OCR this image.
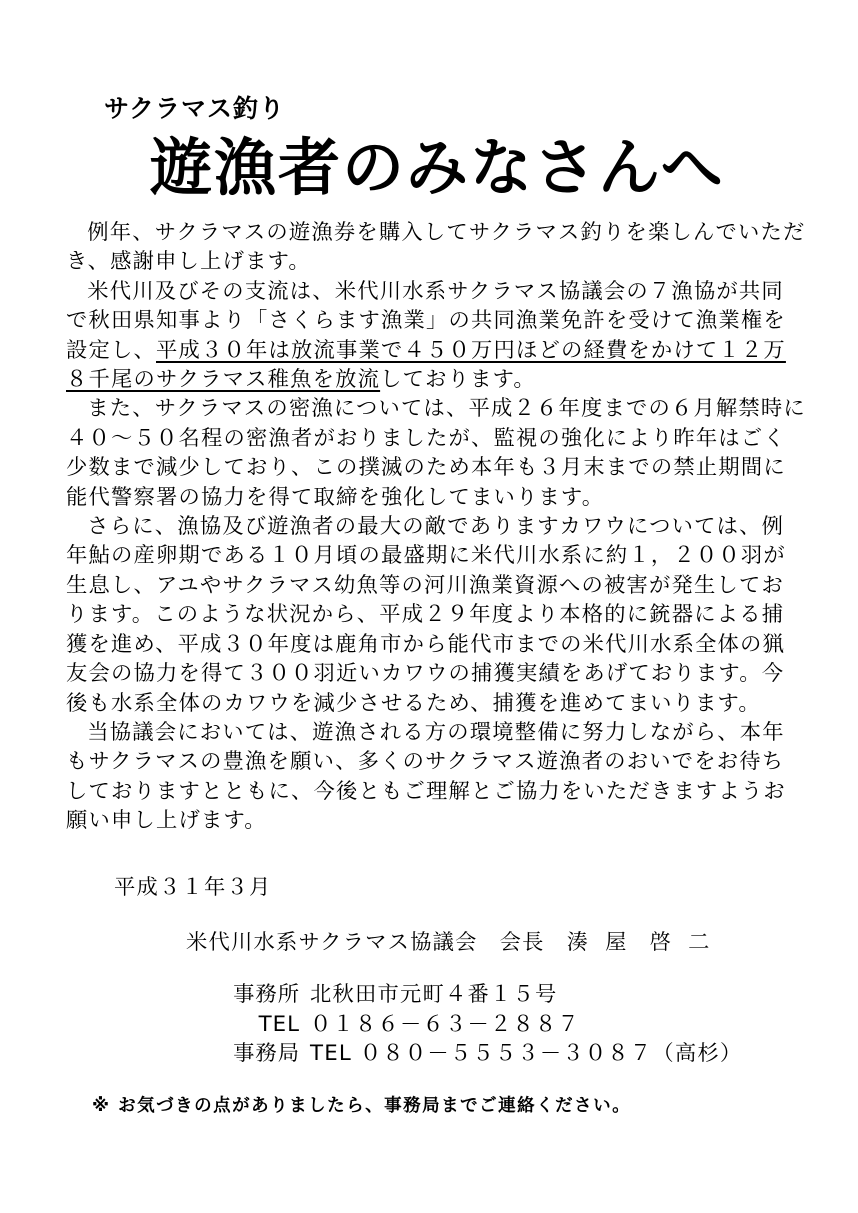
サクラマス釣り
遊漁者のみなさんへ

例年、サクラマスの遊漁券を購入してサクラマス釣りを楽しんでいただき、感謝申し上げます。

米代川及びその支流は、米代川水系サクラマス協議会の７漁協が共同で秋田県知事より「さくらます漁業」の共同漁業免許を受けて漁業権を設定し、平成３０年は放流事業で４５０万円ほどの経費をかけて１２万８千尾のサクラマス稚魚を放流しております。

また、サクラマスの密漁については、平成２６年度までの６月解禁時に４０～５０名程の密漁者がおりましたが、監視の強化により昨年はごく少数まで減少しており、この撲滅のため本年も３月末までの禁止期間に能代警察署の協力を得て取締を強化してまいります。

さらに、漁協及び遊漁者の最大の敵でありますカワウについては、例年鮎の産卵期である１０月頃の最盛期に米代川水系に約１，２００羽が生息し、アユやサクラマス幼魚等の河川漁業資源への被害が発生しております。このような状況から、平成２９年度より本格的に銃器による捕獲を進め、平成３０年度は鹿角市から能代市までの米代川水系全体の猟友会の協力を得て３００羽近いカワウの捕獲実績をあげております。今後も水系全体のカワウを減少させるため、捕獲を進めてまいります。

当協議会においては、遊漁される方の環境整備に努力しながら、本年もサクラマスの豊漁を願い、多くのサクラマス遊漁者のおいでをお待ちしておりますとともに、今後ともご理解とご協力をいただきますようお願い申し上げます。

平成３１年３月
米代川水系サクラマス協議会 会長 湊 屋 啓 二
事務所 北秋田市元町４番１５号
TEL ０１８６－６３－２８８７
事務局 TEL
０８０－５５５３－３０８７（高杉）
※ お気づきの点がありましたら、事務局までご連絡ください。
